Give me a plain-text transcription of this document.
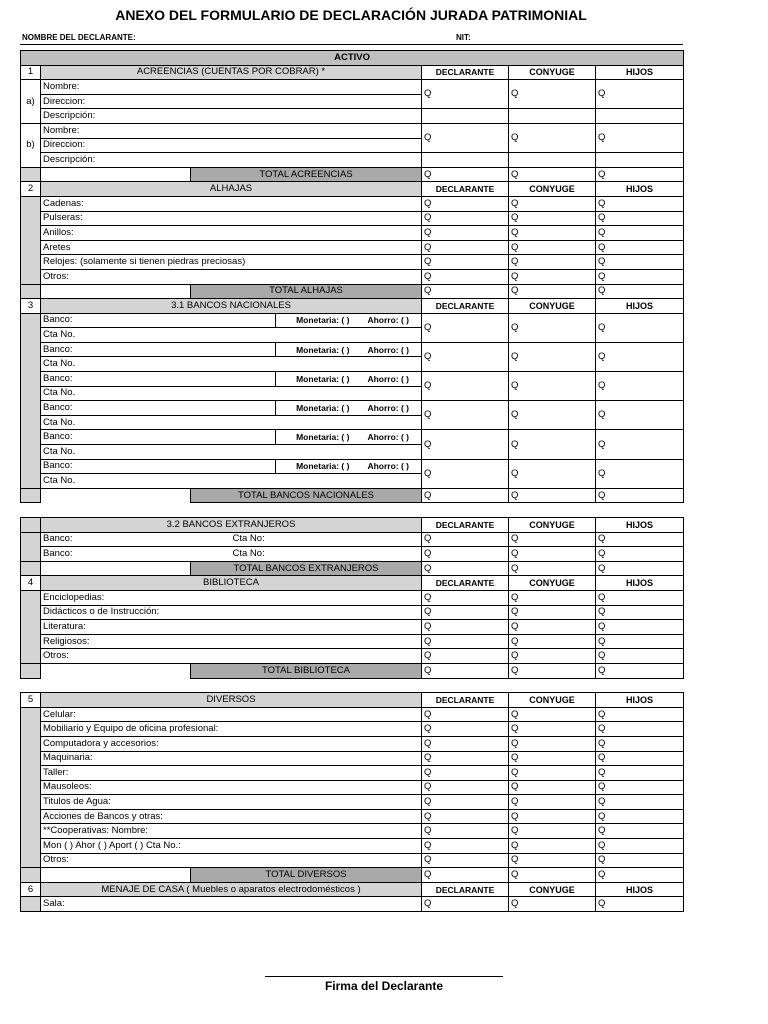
ANEXO DEL FORMULARIO DE DECLARACIÓN JURADA PATRIMONIAL
NOMBRE DEL DECLARANTE:	NIT:
ACTIVO						
1	ACREENCIAS (CUENTAS POR COBRAR) *			DECLARANTE	CONYUGE	HIJOS
a)	Nombre:			Q	Q	Q
	Direccion:					
	Descripción:					
b)	Nombre:			Q	Q	Q
	Direccion:					
	Descripción:					
		TOTAL ACREENCIAS		Q	Q	Q
2	ALHAJAS			DECLARANTE	CONYUGE	HIJOS
	Cadenas:			Q	Q	Q
	Pulseras:			Q	Q	Q
	Anillos:			Q	Q	Q
	Aretes			Q	Q	Q
	Relojes: (solamente si tienen piedras preciosas)			Q	Q	Q
	Otros:			Q	Q	Q
		TOTAL ALHAJAS		Q	Q	Q
3	3.1 BANCOS NACIONALES			DECLARANTE	CONYUGE	HIJOS
	Banco:		Monetaria: ( ) Ahorro: ( )	Q	Q	Q
	Cta No.					
	Banco:		Monetaria: ( ) Ahorro: ( )	Q	Q	Q
	Cta No.					
	Banco:		Monetaria: ( ) Ahorro: ( )	Q	Q	Q
	Cta No.					
	Banco:		Monetaria: ( ) Ahorro: ( )	Q	Q	Q
	Cta No.					
	Banco:		Monetaria: ( ) Ahorro: ( )	Q	Q	Q
	Cta No.					
	Banco:		Monetaria: ( ) Ahorro: ( )	Q	Q	Q
	Cta No.					
		TOTAL BANCOS NACIONALES		Q	Q	Q

	3.2 BANCOS EXTRANJEROS			DECLARANTE	CONYUGE	HIJOS
	Banco:	Cta No:		Q	Q	Q
	Banco:	Cta No:		Q	Q	Q
		TOTAL BANCOS EXTRANJEROS		Q	Q	Q
4	BIBLIOTECA			DECLARANTE	CONYUGE	HIJOS
	Enciclopedias:			Q	Q	Q
	Didácticos o de Instrucción:			Q	Q	Q
	Literatura:			Q	Q	Q
	Religiosos:			Q	Q	Q
	Otros:			Q	Q	Q
		TOTAL BIBLIOTECA		Q	Q	Q

5	DIVERSOS			DECLARANTE	CONYUGE	HIJOS
	Celular:			Q	Q	Q
	Mobiliario y Equipo de oficina profesional:			Q	Q	Q
	Computadora y accesorios:			Q	Q	Q
	Maquinaria:			Q	Q	Q
	Taller:			Q	Q	Q
	Mausoleos:			Q	Q	Q
	Titulos de Agua:			Q	Q	Q
	Acciones de Bancos y otras:			Q	Q	Q
	**Cooperativas: Nombre:			Q	Q	Q
	Mon ( ) Ahor ( ) Aport ( ) Cta No.:			Q	Q	Q
	Otros:			Q	Q	Q
		TOTAL DIVERSOS		Q	Q	Q
6	MENAJE DE CASA ( Muebles o aparatos electrodomésticos )			DECLARANTE	CONYUGE	HIJOS
	Sala:			Q	Q	Q
Firma del Declarante
